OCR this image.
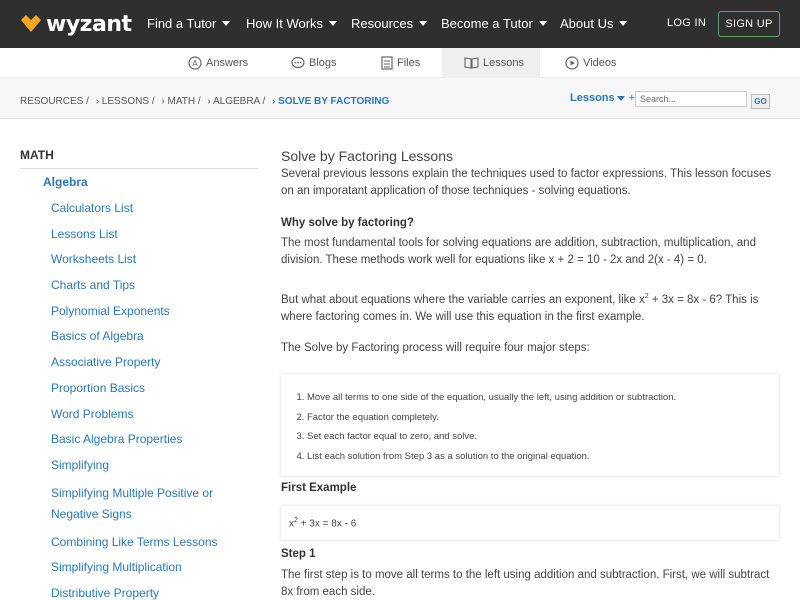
wyzant Find a Tutor How It Works Resources Become a Tutor About Us	LOG IN	SIGN UP
A Answers	Blogs	Files	Lessons	Videos
RESOURCES / › LESSONS / › MATH / › ALGEBRA / › SOLVE BY FACTORING	Lessons +
Search...	GO
MATH
Algebra
Calculators List
Lessons List
Worksheets List
Charts and Tips
Polynomial Exponents
Basics of Algebra
Associative Property
Proportion Basics
Word Problems
Basic Algebra Properties
Simplifying
Simplifying Multiple Positive or Negative Signs
Combining Like Terms Lessons
Simplifying Multiplication
Distributive Property
Solve by Factoring Lessons

Several previous lessons explain the techniques used to factor expressions. This lesson focuses on an imporatant application of those techniques - solving equations.

Why solve by factoring?

The most fundamental tools for solving equations are addition, subtraction, multiplication, and division. These methods work well for equations like x + 2 = 10 - 2x and 2(x - 4) = 0.

But what about equations where the variable carries an exponent, like $x^2 + 3x = 8x - 6$? This is where factoring comes in. We will use this equation in the first example.

The Solve by Factoring process will require four major steps:

1. Move all terms to one side of the equation, usually the left, using addition or subtraction.
2. Factor the equation completely.
3. Set each factor equal to zero, and solve.
4. List each solution from Step 3 as a solution to the original equation.
First Example
$x^2 + 3x = 8x - 6$
Step 1

The first step is to move all terms to the left using addition and subtraction. First, we will subtract 8x from each side.
